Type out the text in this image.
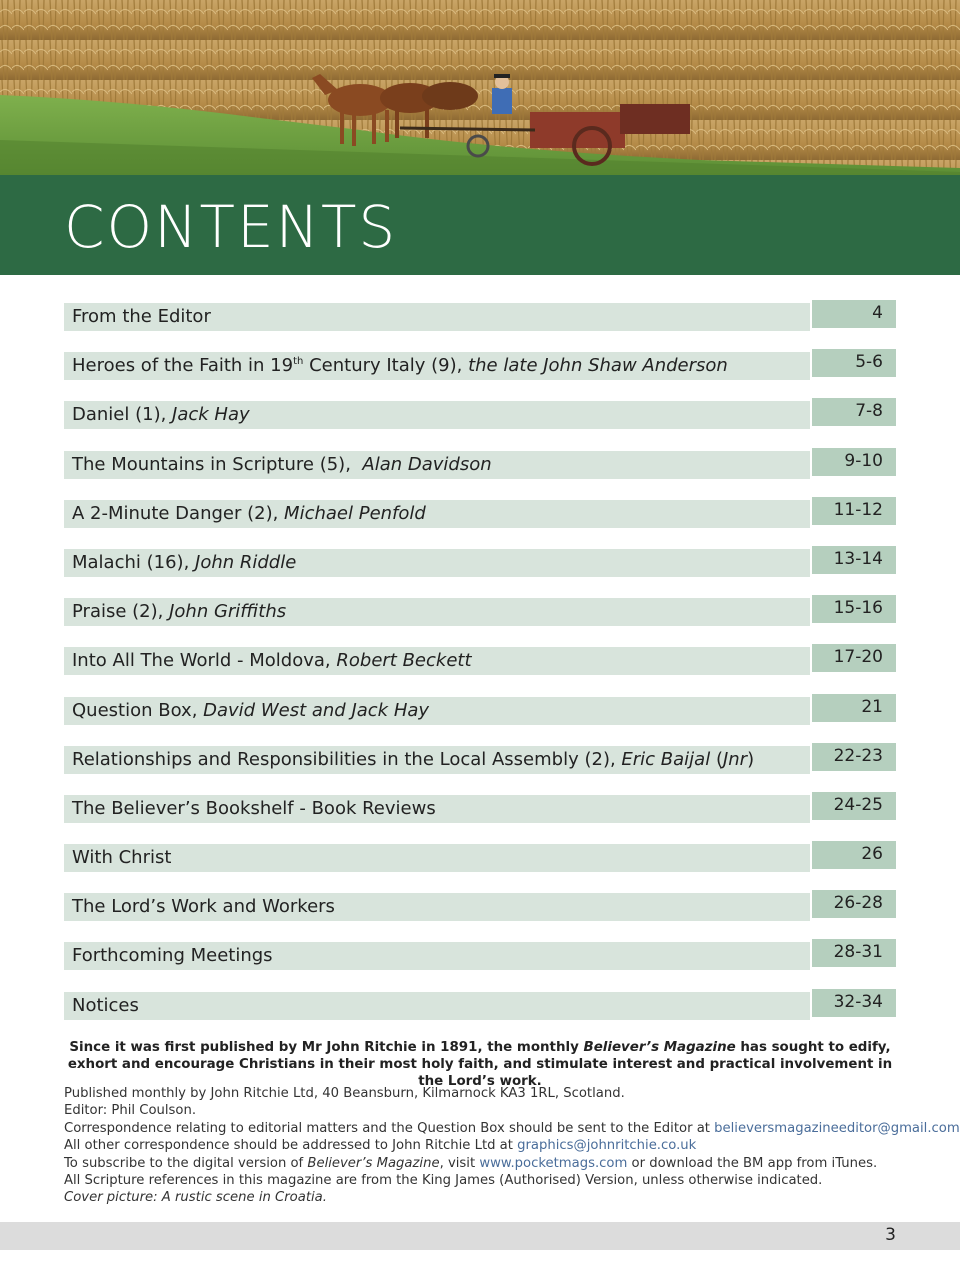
CONTENTS
From the Editor	4
Heroes of the Faith in 19th Century Italy (9), the late John Shaw Anderson	5-6
Daniel (1), Jack Hay	7-8
The Mountains in Scripture (5),  Alan Davidson	9-10
A 2-Minute Danger (2), Michael Penfold	11-12
Malachi (16), John Riddle	13-14
Praise (2), John Griffiths	15-16
Into All The World - Moldova, Robert Beckett	17-20
Question Box, David West and Jack Hay	21
Relationships and Responsibilities in the Local Assembly (2), Eric Baijal (Jnr)	22-23
The Believer’s Bookshelf - Book Reviews	24-25
With Christ	26
The Lord’s Work and Workers	26-28
Forthcoming Meetings	28-31
Notices	32-34
Since it was first published by Mr John Ritchie in 1891, the monthly Believer’s Magazine has sought to edify, exhort and encourage Christians in their most holy faith, and stimulate interest and practical involvement in the Lord’s work.
Published monthly by John Ritchie Ltd, 40 Beansburn, Kilmarnock KA3 1RL, Scotland.
Editor: Phil Coulson.
Correspondence relating to editorial matters and the Question Box should be sent to the Editor at believersmagazineeditor@gmail.com
All other correspondence should be addressed to John Ritchie Ltd at graphics@johnritchie.co.uk
To subscribe to the digital version of Believer’s Magazine, visit www.pocketmags.com or download the BM app from iTunes.
All Scripture references in this magazine are from the King James (Authorised) Version, unless otherwise indicated.
Cover picture: A rustic scene in Croatia.
3
